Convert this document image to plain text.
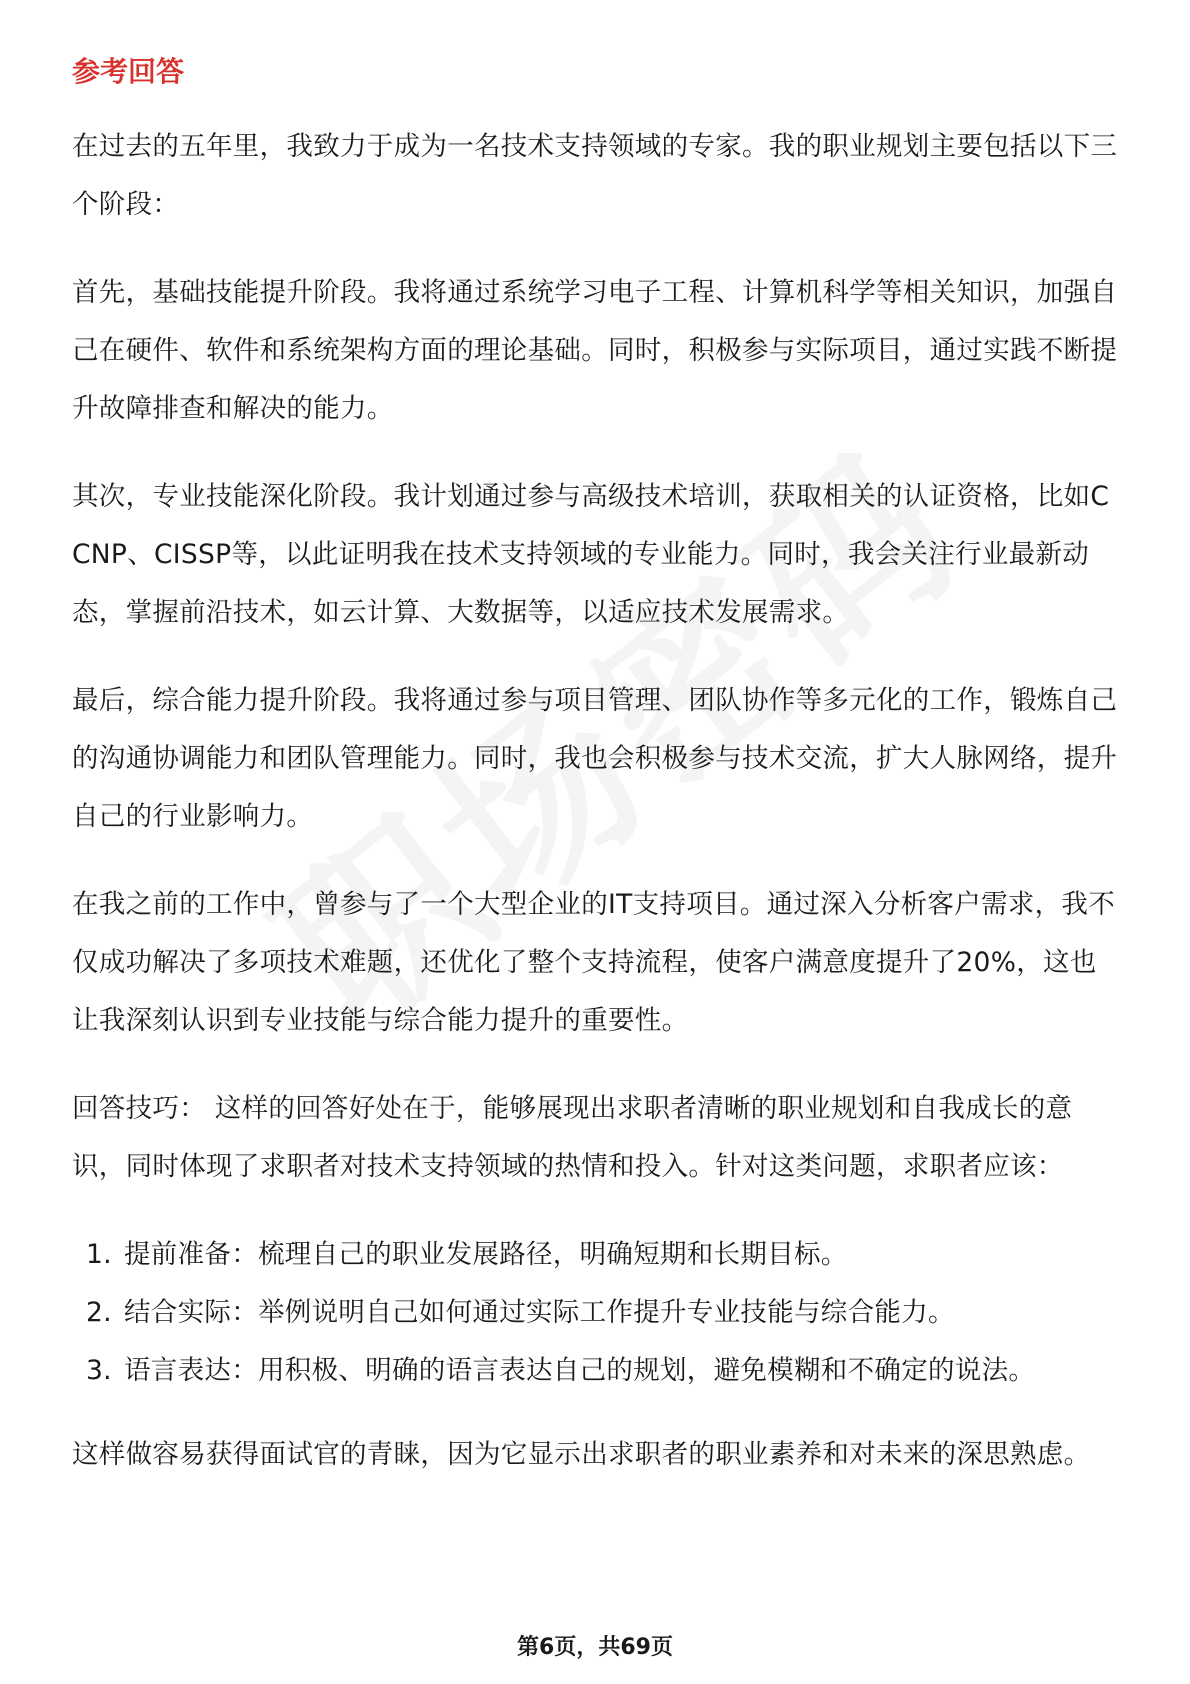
参考回答

在过去的五年里，我致力于成为一名技术支持领域的专家。我的职业规划主要包括以下三个阶段：

首先，基础技能提升阶段。我将通过系统学习电子工程、计算机科学等相关知识，加强自己在硬件、软件和系统架构方面的理论基础。同时，积极参与实际项目，通过实践不断提升故障排查和解决的能力。

其次，专业技能深化阶段。我计划通过参与高级技术培训，获取相关的认证资格，比如CCNP、CISSP等，以此证明我在技术支持领域的专业能力。同时，我会关注行业最新动态，掌握前沿技术，如云计算、大数据等，以适应技术发展需求。

最后，综合能力提升阶段。我将通过参与项目管理、团队协作等多元化的工作，锻炼自己的沟通协调能力和团队管理能力。同时，我也会积极参与技术交流，扩大人脉网络，提升自己的行业影响力。

在我之前的工作中，曾参与了一个大型企业的IT支持项目。通过深入分析客户需求，我不仅成功解决了多项技术难题，还优化了整个支持流程，使客户满意度提升了20%，这也让我深刻认识到专业技能与综合能力提升的重要性。

回答技巧： 这样的回答好处在于，能够展现出求职者清晰的职业规划和自我成长的意识，同时体现了求职者对技术支持领域的热情和投入。针对这类问题，求职者应该：

1. 提前准备：梳理自己的职业发展路径，明确短期和长期目标。
2. 结合实际：举例说明自己如何通过实际工作提升专业技能与综合能力。
3. 语言表达：用积极、明确的语言表达自己的规划，避免模糊和不确定的说法。

这样做容易获得面试官的青睐，因为它显示出求职者的职业素养和对未来的深思熟虑。

第6页，共69页
